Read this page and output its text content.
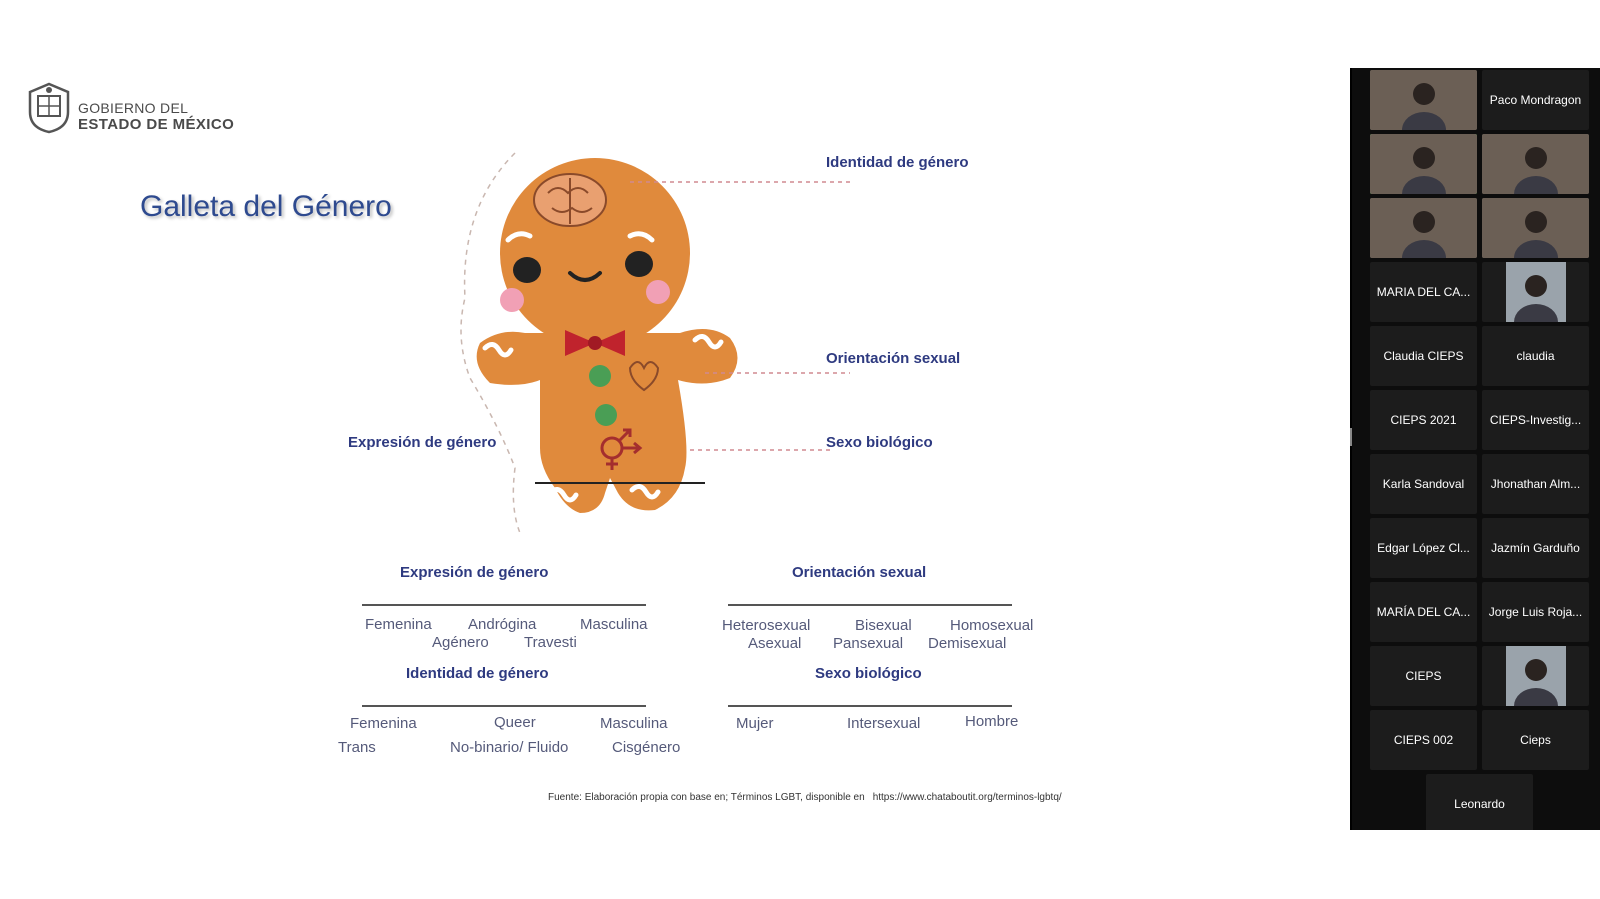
GOBIERNO DEL
ESTADO DE MÉXICO
Galleta del Género
Identidad de género
Orientación sexual
Sexo biológico
Expresión de género
Expresión de género
Femenina Andrógina	Masculina
Agénero Travesti
Orientación sexual
Heterosexual	Bisexual	Homosexual
Asexual Pansexual Demisexual
Identidad de género
Femenina	Queer	Masculina
Trans	No-binario/ Fluido	Cisgénero
Sexo biológico
Mujer	Intersexual	Hombre
Fuente: Elaboración propia con base en; Términos LGBT, disponible en https://www.chataboutit.org/terminos-lgbtq/
Paco Mondragon
MARIA DEL CA...
Claudia CIEPS	claudia
CIEPS 2021	CIEPS-Investig...
Karla Sandoval Jhonathan Alm...
Edgar López Cl... Jazmín Garduño
MARÍA DEL CA... Jorge Luis Roja...
CIEPS
CIEPS 002	Cieps
Leonardo
